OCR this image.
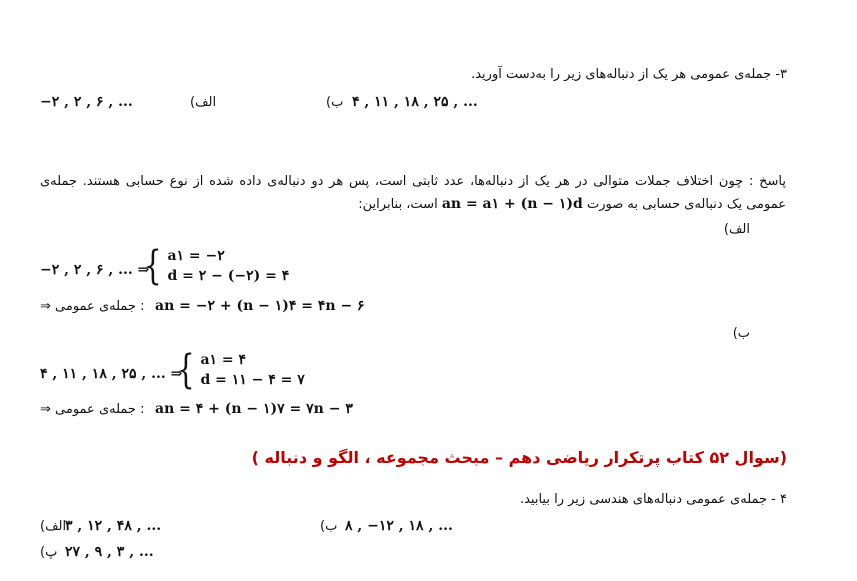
۳- جمله‌ی عمومی هر یک از دنباله‌های زیر را به‌دست آورید.
−۲ , ۲ , ۶ , ...	الف)	۴ , ۱۱ , ۱۸ , ۲۵ , ...
ب)
پاسخ : چون اختلاف جملات متوالی در هر یک از دنباله‌ها، عدد ثابتی است، پس هر دو دنباله‌ی داده شده از نوع حسابی هستند. جمله‌ی عمومی یک دنباله‌ی حسابی به صورت an = a۱ + (n − ۱)d است، بنابراین:
الف)
−۲ , ۲ , ۶ , ... ⇒
{ a۱ = −۲
d = ۲ − (−۲) = ۴
⇒ جمله‌ی عمومی : an = −۲ + (n − ۱)۴ = ۴n − ۶
ب)
۴ , ۱۱ , ۱۸ , ۲۵ , ... ⇒
{ a۱ = ۴
d = ۱۱ − ۴ = ۷
⇒ جمله‌ی عمومی : an = ۴ + (n − ۱)۷ = ۷n − ۳
(سوال ۵۲ کتاب پرتکرار ریاضی دهم – مبحث مجموعه ، الگو و دنباله )
۴ - جمله‌ی عمومی دنباله‌های هندسی زیر را بیابید.
۳ , ۱۲ , ۴۸ , ...
الف)	۸ , −۱۲ , ۱۸ , ...
ب)
۲۷ , ۹ , ۳ , ...
پ)
